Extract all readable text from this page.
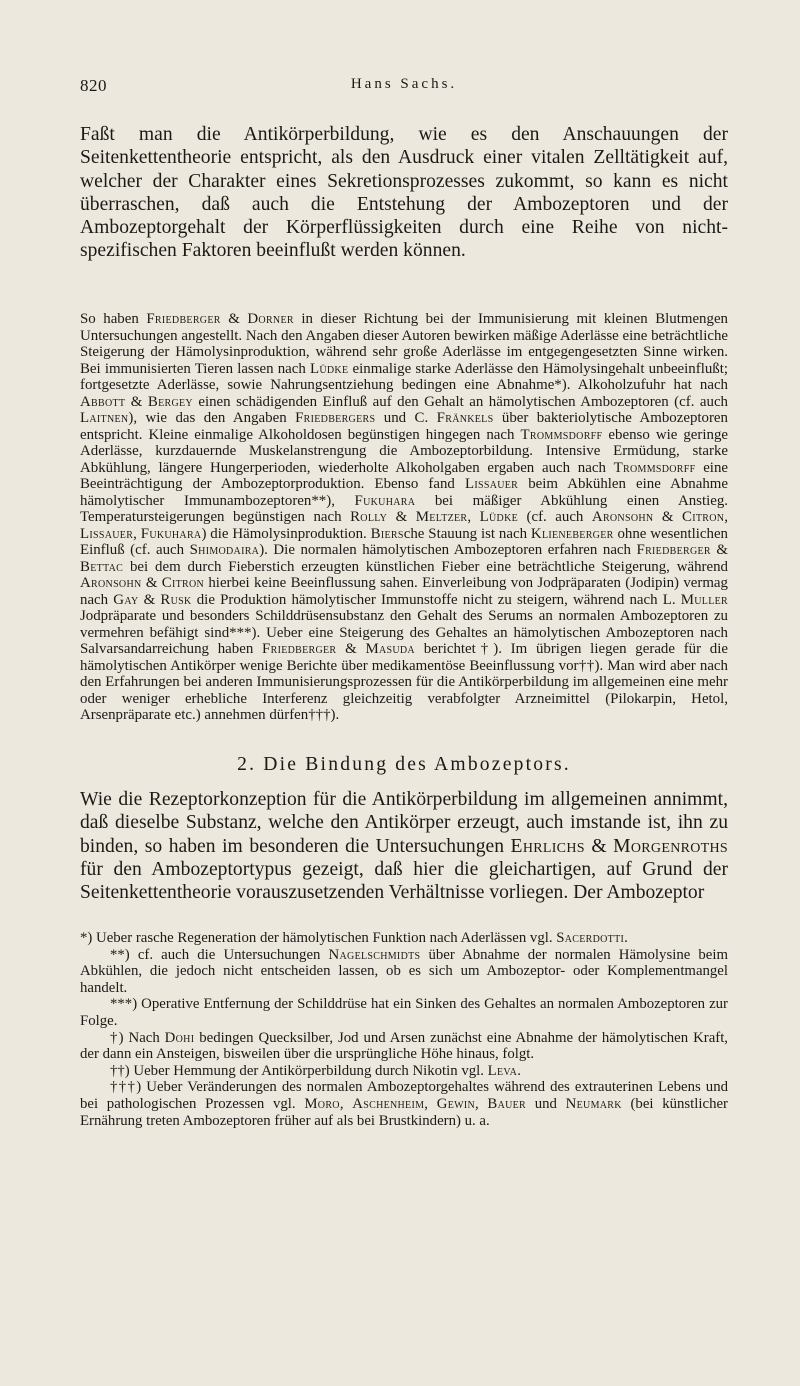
820	Hans Sachs.

Faßt man die Antikörperbildung, wie es den Anschauungen der Seitenkettentheorie entspricht, als den Ausdruck einer vitalen Zelltätigkeit auf, welcher der Charakter eines Sekretionsprozesses zukommt, so kann es nicht überraschen, daß auch die Entstehung der Ambozeptoren und der Ambozeptorgehalt der Körperflüssigkeiten durch eine Reihe von nicht-spezifischen Faktoren beeinflußt werden können.

So haben Friedberger & Dorner in dieser Richtung bei der Immunisierung mit kleinen Blutmengen Untersuchungen angestellt. Nach den Angaben dieser Autoren bewirken mäßige Aderlässe eine beträchtliche Steigerung der Hämolysinproduktion, während sehr große Aderlässe im entgegengesetzten Sinne wirken. Bei immunisierten Tieren lassen nach Lüdke einmalige starke Aderlässe den Hämolysingehalt unbeeinflußt; fortgesetzte Aderlässe, sowie Nahrungsentziehung bedingen eine Abnahme*). Alkoholzufuhr hat nach Abbott & Bergey einen schädigenden Einfluß auf den Gehalt an hämolytischen Ambozeptoren (cf. auch Laitnen), wie das den Angaben Friedbergers und C. Fränkels über bakteriolytische Ambozeptoren entspricht. Kleine einmalige Alkoholdosen begünstigen hingegen nach Trommsdorff ebenso wie geringe Aderlässe, kurzdauernde Muskelanstrengung die Ambozeptorbildung. Intensive Ermüdung, starke Abkühlung, längere Hungerperioden, wiederholte Alkoholgaben ergaben auch nach Trommsdorff eine Beeinträchtigung der Ambozeptorproduktion. Ebenso fand Lissauer beim Abkühlen eine Abnahme hämolytischer Immunambozeptoren**), Fukuhara bei mäßiger Abkühlung einen Anstieg. Temperatursteigerungen begünstigen nach Rolly & Meltzer, Lüdke (cf. auch Aronsohn & Citron, Lissauer, Fukuhara) die Hämolysinproduktion. Biersche Stauung ist nach Klieneberger ohne wesentlichen Einfluß (cf. auch Shimodaira). Die normalen hämolytischen Ambozeptoren erfahren nach Friedberger & Bettac bei dem durch Fieberstich erzeugten künstlichen Fieber eine beträchtliche Steigerung, während Aronsohn & Citron hierbei keine Beeinflussung sahen. Einverleibung von Jodpräparaten (Jodipin) vermag nach Gay & Rusk die Produktion hämolytischer Immunstoffe nicht zu steigern, während nach L. Muller Jodpräparate und besonders Schilddrüsensubstanz den Gehalt des Serums an normalen Ambozeptoren zu vermehren befähigt sind***). Ueber eine Steigerung des Gehaltes an hämolytischen Ambozeptoren nach Salvarsandarreichung haben Friedberger & Masuda berichtet†). Im übrigen liegen gerade für die hämolytischen Antikörper wenige Berichte über medikamentöse Beeinflussung vor††). Man wird aber nach den Erfahrungen bei anderen Immunisierungsprozessen für die Antikörperbildung im allgemeinen eine mehr oder weniger erhebliche Interferenz gleichzeitig verabfolgter Arzneimittel (Pilokarpin, Hetol, Arsenpräparate etc.) annehmen dürfen†††).

2. Die Bindung des Ambozeptors.

Wie die Rezeptorkonzeption für die Antikörperbildung im allgemeinen annimmt, daß dieselbe Substanz, welche den Antikörper erzeugt, auch imstande ist, ihn zu binden, so haben im besonderen die Untersuchungen Ehrlichs & Morgenroths für den Ambozeptortypus gezeigt, daß hier die gleichartigen, auf Grund der Seitenkettentheorie vorauszusetzenden Verhältnisse vorliegen. Der Ambozeptor

*) Ueber rasche Regeneration der hämolytischen Funktion nach Aderlässen vgl. Sacerdotti.

**) cf. auch die Untersuchungen Nagelschmidts über Abnahme der normalen Hämolysine beim Abkühlen, die jedoch nicht entscheiden lassen, ob es sich um Ambozeptor- oder Komplementmangel handelt.

***) Operative Entfernung der Schilddrüse hat ein Sinken des Gehaltes an normalen Ambozeptoren zur Folge.

†) Nach Dohi bedingen Quecksilber, Jod und Arsen zunächst eine Abnahme der hämolytischen Kraft, der dann ein Ansteigen, bisweilen über die ursprüngliche Höhe hinaus, folgt.

††) Ueber Hemmung der Antikörperbildung durch Nikotin vgl. Leva.

†††) Ueber Veränderungen des normalen Ambozeptorgehaltes während des extrauterinen Lebens und bei pathologischen Prozessen vgl. Moro, Aschenheim, Gewin, Bauer und Neumark (bei künstlicher Ernährung treten Ambozeptoren früher auf als bei Brustkindern) u. a.
